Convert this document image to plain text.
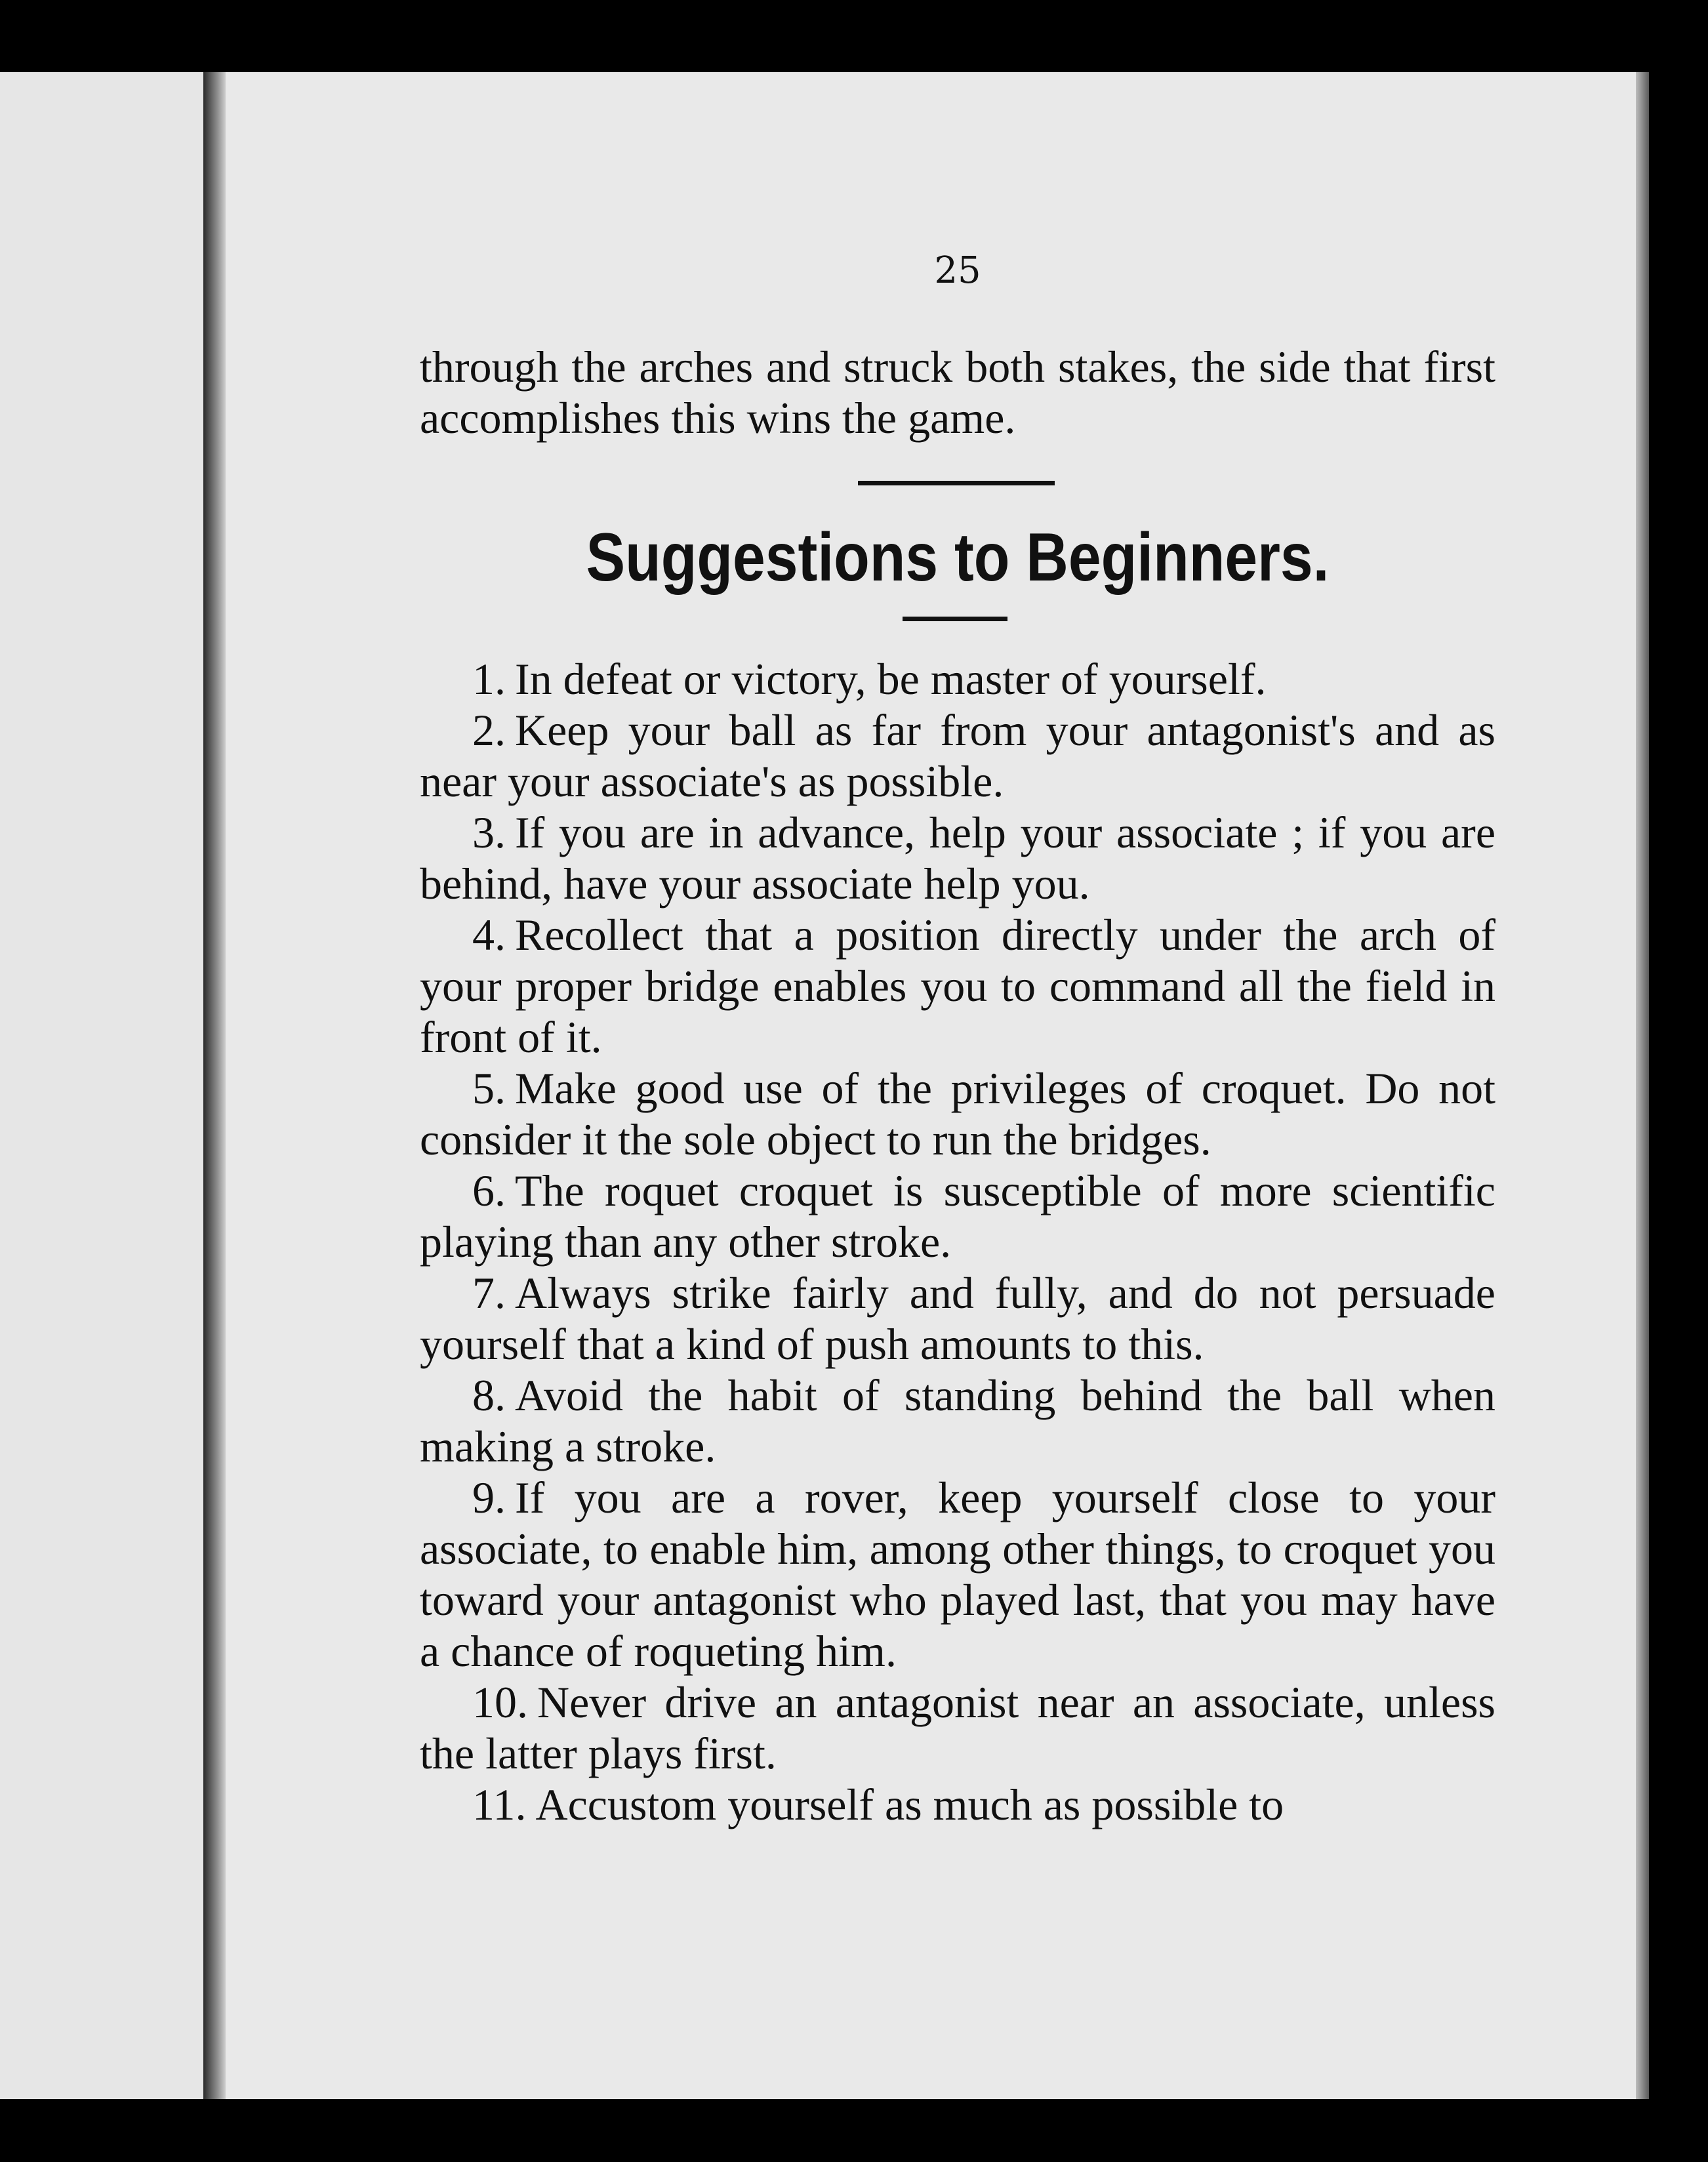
25
through the arches and struck both stakes, the side that first accomplishes this wins the game.
Suggestions to Beginners.

1. In defeat or victory, be master of yourself.

2. Keep your ball as far from your antagonist's and as near your associate's as possible.

3. If you are in advance, help your associate ; if you are behind, have your associate help you.

4. Recollect that a position directly under the arch of your proper bridge enables you to command all the field in front of it.

5. Make good use of the privileges of croquet. Do not consider it the sole object to run the bridges.

6. The roquet croquet is susceptible of more scientific playing than any other stroke.

7. Always strike fairly and fully, and do not persuade yourself that a kind of push amounts to this.

8. Avoid the habit of standing behind the ball when making a stroke.

9. If you are a rover, keep yourself close to your associate, to enable him, among other things, to croquet you toward your antagonist who played last, that you may have a chance of roqueting him.

10. Never drive an antagonist near an associate, unless the latter plays first.

11. Accustom yourself as much as possible to
